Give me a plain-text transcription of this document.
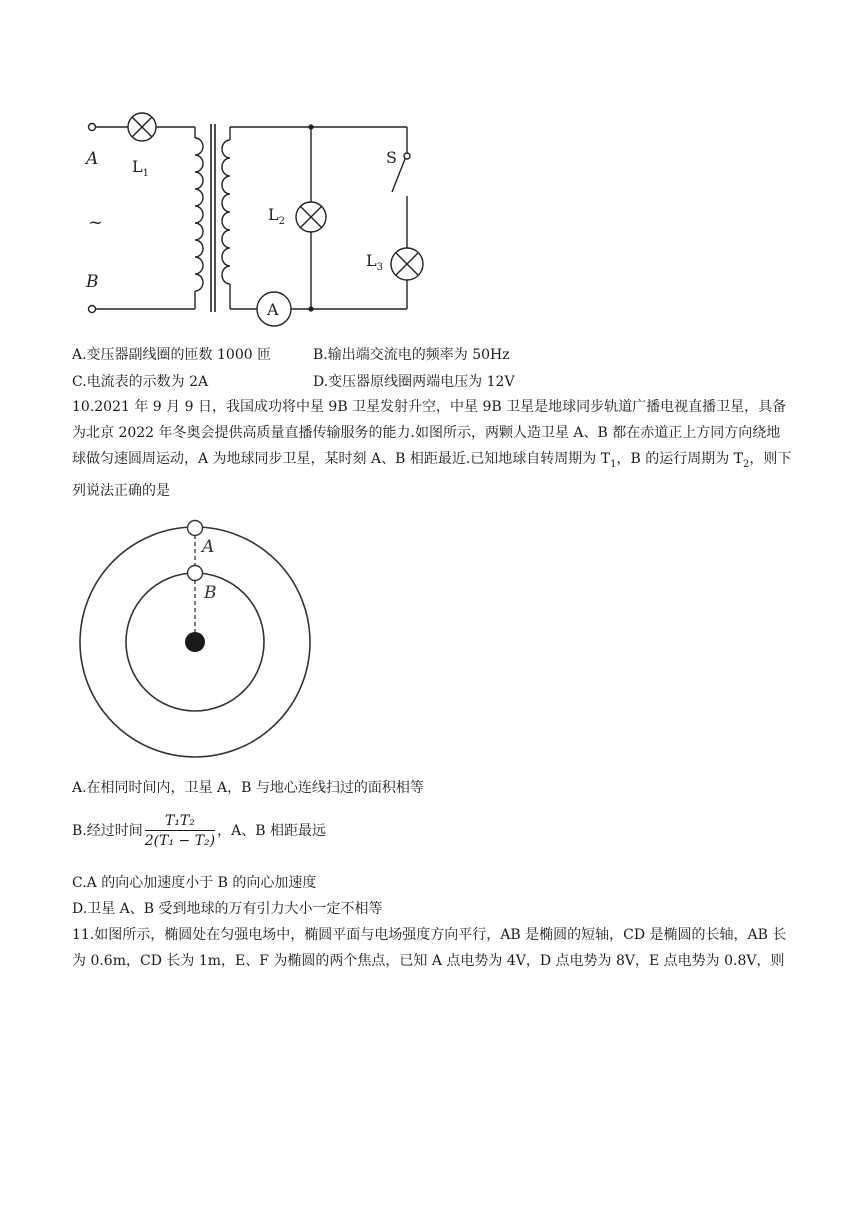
A
~
B
$L_1$
$L_2$
$L_3$
S
A
A.变压器副线圈的匝数 1000 匝	B.输出端交流电的频率为 50Hz
C.电流表的示数为 2A	D.变压器原线圈两端电压为 12V
10.2021 年 9 月 9 日，我国成功将中星 9B 卫星发射升空，中星 9B 卫星是地球同步轨道广播电视直播卫星，具备为北京 2022 年冬奥会提供高质量直播传输服务的能力.如图所示，两颗人造卫星 A、B 都在赤道正上方同方向绕地球做匀速圆周运动，A 为地球同步卫星，某时刻 A、B 相距最近.已知地球自转周期为 $T_1$，B 的运行周期为 $T_2$，则下列说法正确的是
A
B
A.在相同时间内，卫星 A，B 与地心连线扫过的面积相等
B.经过时间 $\frac{\text{T₁T₂}}{\text{2(T₁ − T₂)}}$ ，A、B 相距最远
C.A 的向心加速度小于 B 的向心加速度
D.卫星 A、B 受到地球的万有引力大小一定不相等
11.如图所示，椭圆处在匀强电场中，椭圆平面与电场强度方向平行，AB 是椭圆的短轴，CD 是椭圆的长轴，AB 长为 0.6m，CD 长为 1m，E、F 为椭圆的两个焦点，已知 A 点电势为 4V，D 点电势为 8V，E 点电势为 0.8V，则
